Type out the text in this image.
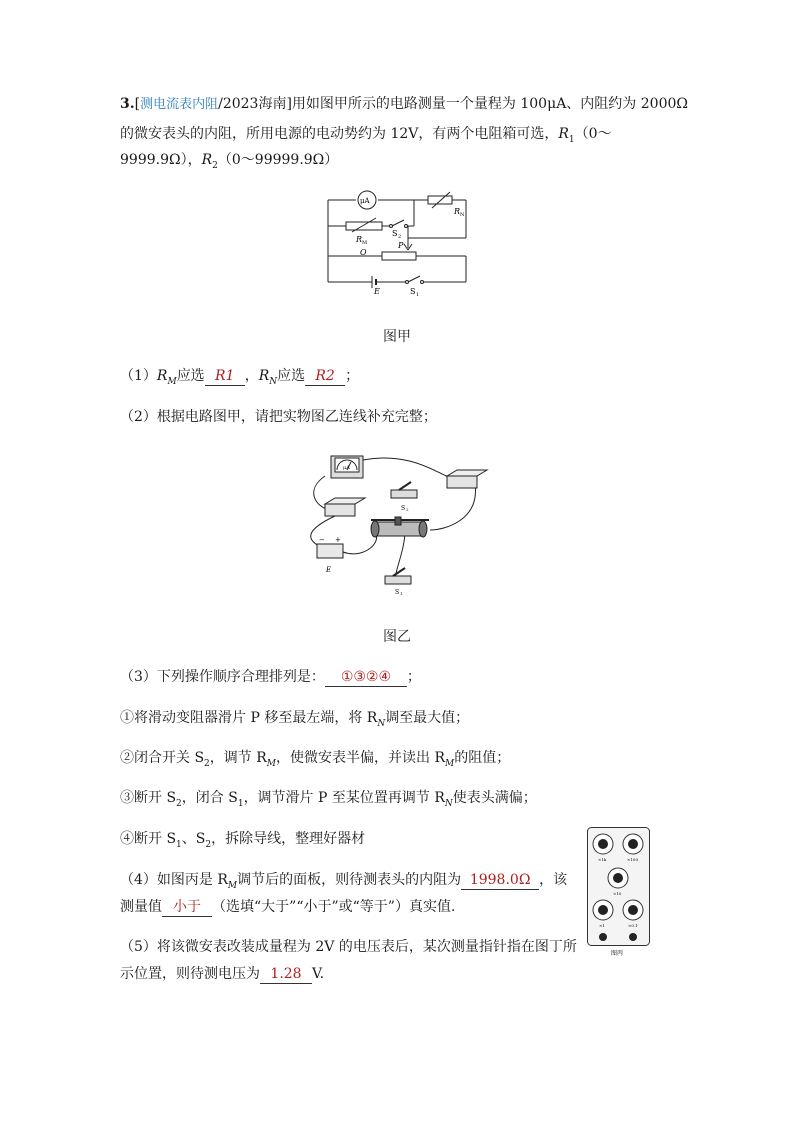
3.[测电流表内阻/2023海南]用如图甲所示的电路测量一个量程为 100μA、内阻约为 2000Ω
的微安表头的内阻，所用电源的电动势约为 12V，有两个电阻箱可选，$R_1(0\sim$
9999.9Ω），$R_2(0\sim 99999.9\Omega)$
μA
R N
R M
S 2
P
O
E	S 1
图甲
$(1)R_M$应选 R1 ，$R_N$应选 R2 ；
（2）根据电路图甲，请把实物图乙连线补充完整；
μA
S 2
− +
E
S 1
图乙
（3）下列操作顺序合理排列是： ①③②④ ；
①将滑动变阻器滑片 P 移至最左端，将 $R_N$调至最大值；
②闭合开关 $S_2$，调节 $R_M$，使微安表半偏，并读出 $R_M$的阻值；
③断开 $S_2$，闭合 $S_1$，调节滑片 P 至某位置再调节 $R_N$使表头满偏；
④断开 $S_1$、$S_2$，拆除导线，整理好器材
（4）如图丙是 $R_M$调节后的面板，则待测表头的内阻为 1998.0Ω ，该
测量值 小于 （选填“大于”“小于”或“等于”）真实值.
（5）将该微安表改装成量程为 2V 的电压表后，某次测量指针指在图丁所
示位置，则待测电压为 1.28 V.
×1k	×100
×10
×1	×0.1
图丙
